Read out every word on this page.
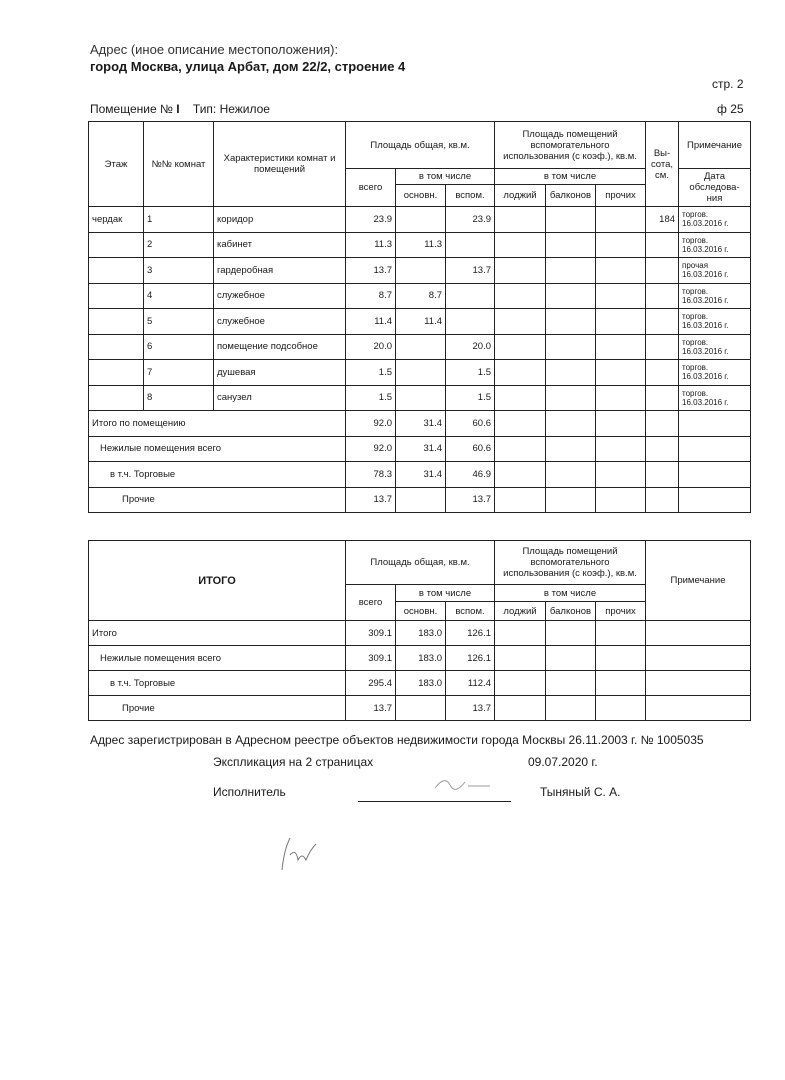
Адрес (иное описание местоположения):
город Москва, улица Арбат, дом 22/2, строение 4
стр. 2
Помещение № I Тип: Нежилое	ф 25
Этаж	№№ комнат	Характеристики комнат и помещений	Площадь общая, кв.м.			Площадь помещений вспомогательного использования (с коэф.), кв.м.			Вы-сота, см.	Примечание
			всего	в том числе		в том числе				Дата обследова-ния
				основн.	вспом.	лоджий	балконов	прочих		
чердак	1	коридор	23.9		23.9				184	торгов. 16.03.2016 г.
	2	кабинет	11.3	11.3						торгов. 16.03.2016 г.
	3	гардеробная	13.7		13.7					прочая 16.03.2016 г.
	4	служебное	8.7	8.7						торгов. 16.03.2016 г.
	5	служебное	11.4	11.4						торгов. 16.03.2016 г.
	6	помещение подсобное	20.0		20.0					торгов. 16.03.2016 г.
	7	душевая	1.5		1.5					торгов. 16.03.2016 г.
	8	санузел	1.5		1.5					торгов. 16.03.2016 г.
Итого по помещению			92.0	31.4	60.6					
Нежилые помещения всего			92.0	31.4	60.6					
в т.ч. Торговые			78.3	31.4	46.9					
Прочие			13.7		13.7					
ИТОГО	Площадь общая, кв.м.			Площадь помещений вспомогательного использования (с коэф.), кв.м.			Примечание
	всего	в том числе		в том числе			
		основн.	вспом.	лоджий	балконов	прочих	
Итого	309.1	183.0	126.1				
Нежилые помещения всего	309.1	183.0	126.1				
в т.ч. Торговые	295.4	183.0	112.4				
Прочие	13.7		13.7				
Адрес зарегистрирован в Адресном реестре объектов недвижимости города Москвы 26.11.2003 г. № 1005035
Экспликация на 2 страницах	09.07.2020 г.
Исполнитель	Тыняный С. А.
